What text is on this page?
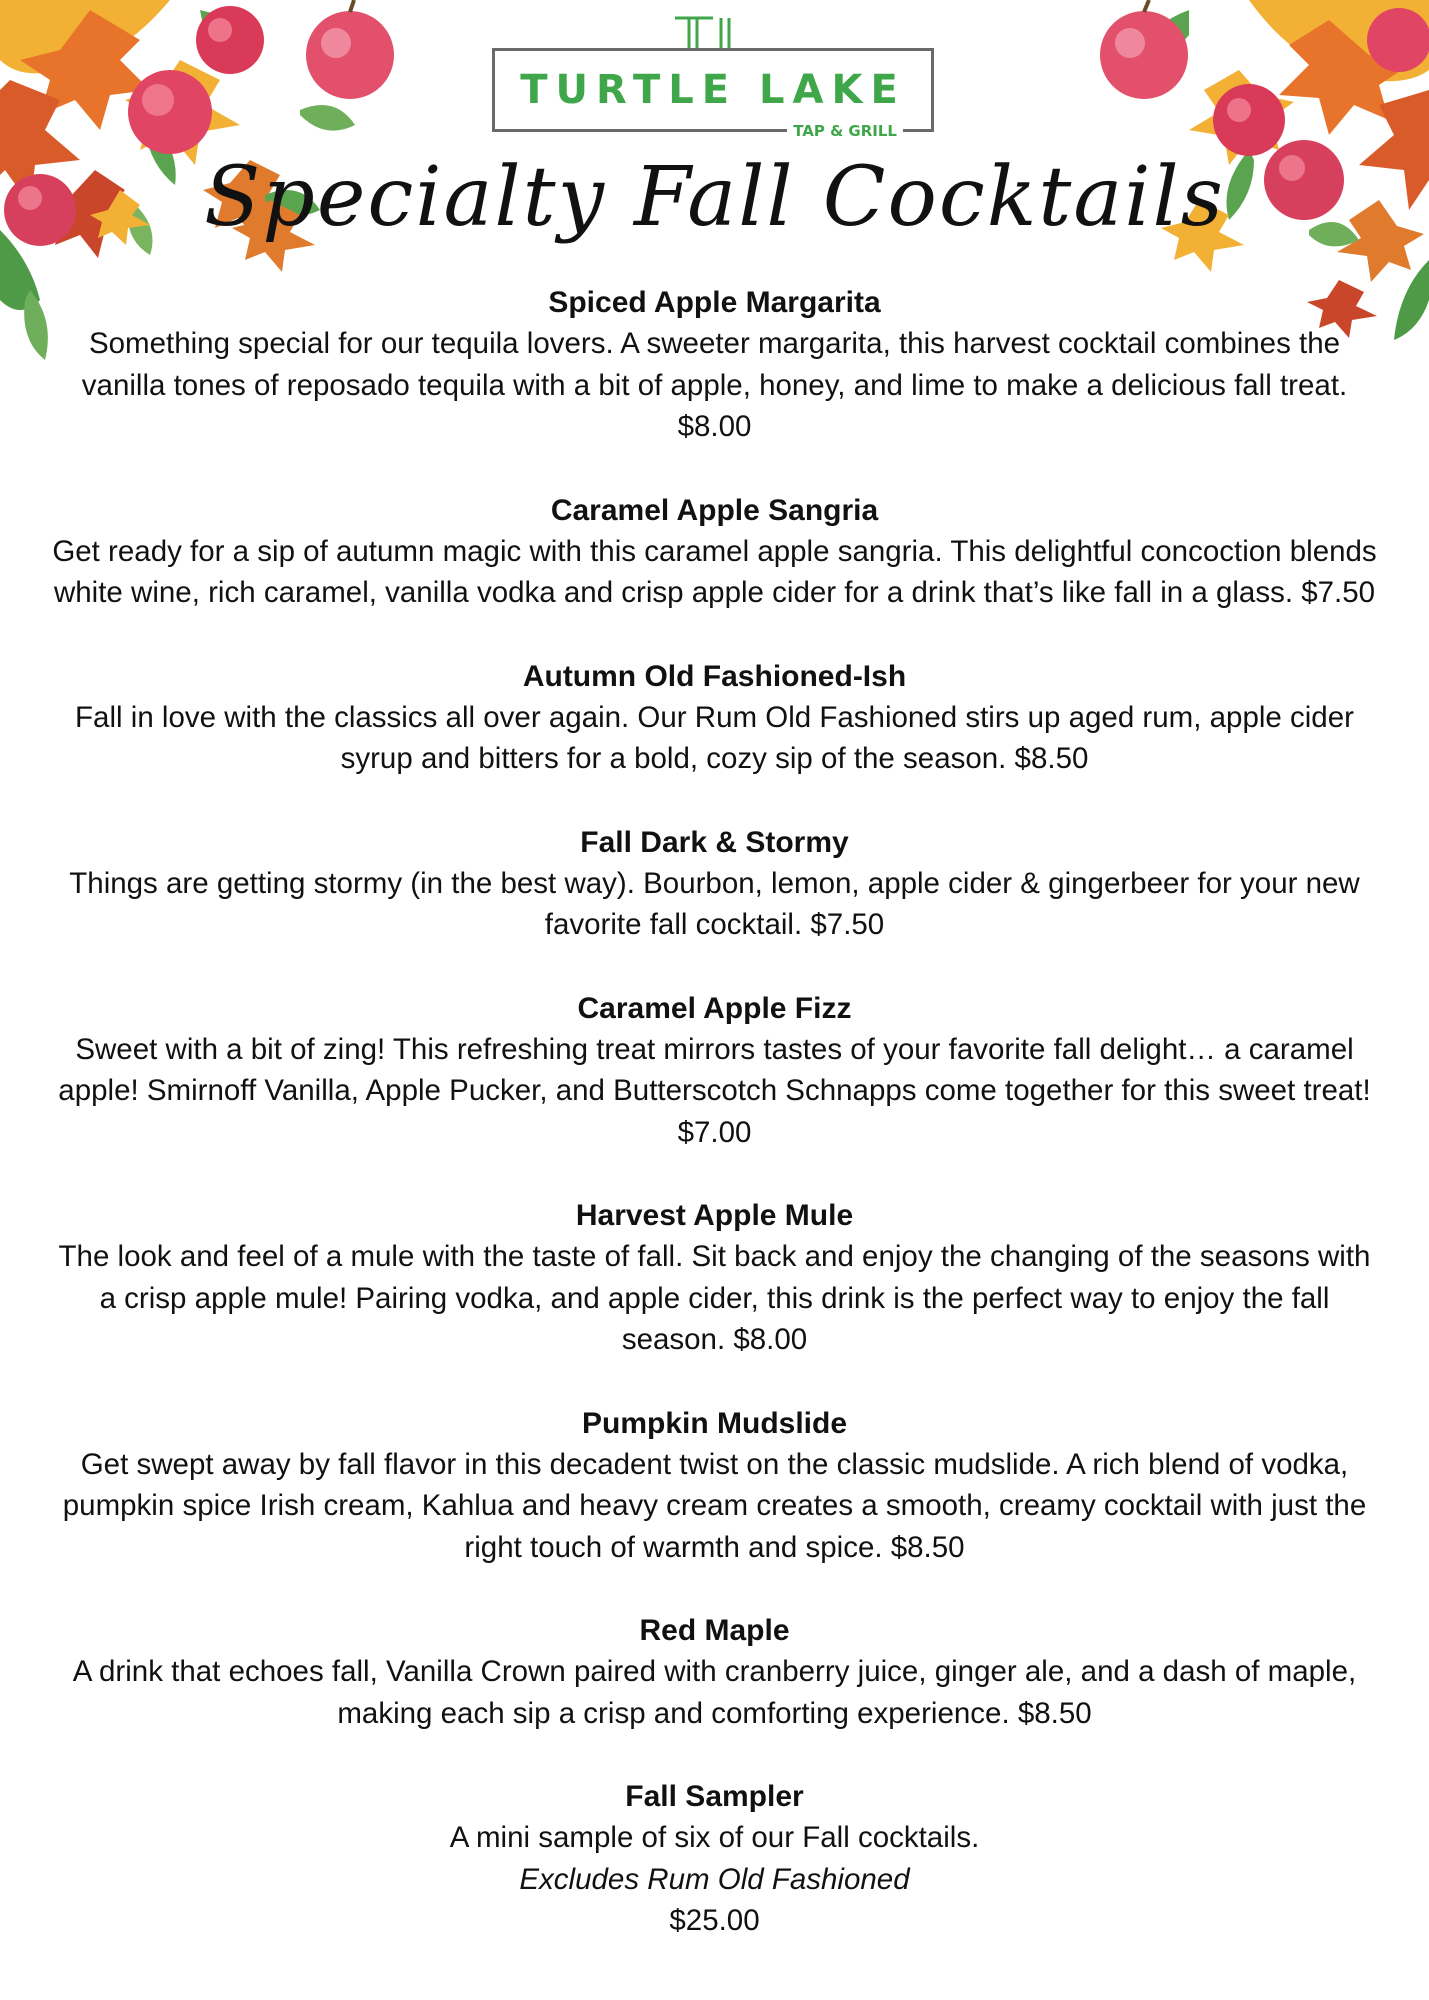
TURTLE LAKE
TAP & GRILL
Specialty Fall Cocktails

Spiced Apple Margarita

Something special for our tequila lovers. A sweeter margarita, this harvest cocktail combines the vanilla tones of reposado tequila with a bit of apple, honey, and lime to make a delicious fall treat. $8.00

Caramel Apple Sangria

Get ready for a sip of autumn magic with this caramel apple sangria. This delightful concoction blends white wine, rich caramel, vanilla vodka and crisp apple cider for a drink that’s like fall in a glass. $7.50

Autumn Old Fashioned-Ish

Fall in love with the classics all over again. Our Rum Old Fashioned stirs up aged rum, apple cider syrup and bitters for a bold, cozy sip of the season. $8.50

Fall Dark & Stormy

Things are getting stormy (in the best way). Bourbon, lemon, apple cider & gingerbeer for your new favorite fall cocktail. $7.50

Caramel Apple Fizz

Sweet with a bit of zing! This refreshing treat mirrors tastes of your favorite fall delight… a caramel apple! Smirnoff Vanilla, Apple Pucker, and Butterscotch Schnapps come together for this sweet treat! $7.00

Harvest Apple Mule

The look and feel of a mule with the taste of fall. Sit back and enjoy the changing of the seasons with a crisp apple mule! Pairing vodka, and apple cider, this drink is the perfect way to enjoy the fall season. $8.00

Pumpkin Mudslide

Get swept away by fall flavor in this decadent twist on the classic mudslide. A rich blend of vodka, pumpkin spice Irish cream, Kahlua and heavy cream creates a smooth, creamy cocktail with just the right touch of warmth and spice. $8.50

Red Maple

A drink that echoes fall, Vanilla Crown paired with cranberry juice, ginger ale, and a dash of maple, making each sip a crisp and comforting experience. $8.50

Fall Sampler

A mini sample of six of our Fall cocktails.

Excludes Rum Old Fashioned

$25.00
